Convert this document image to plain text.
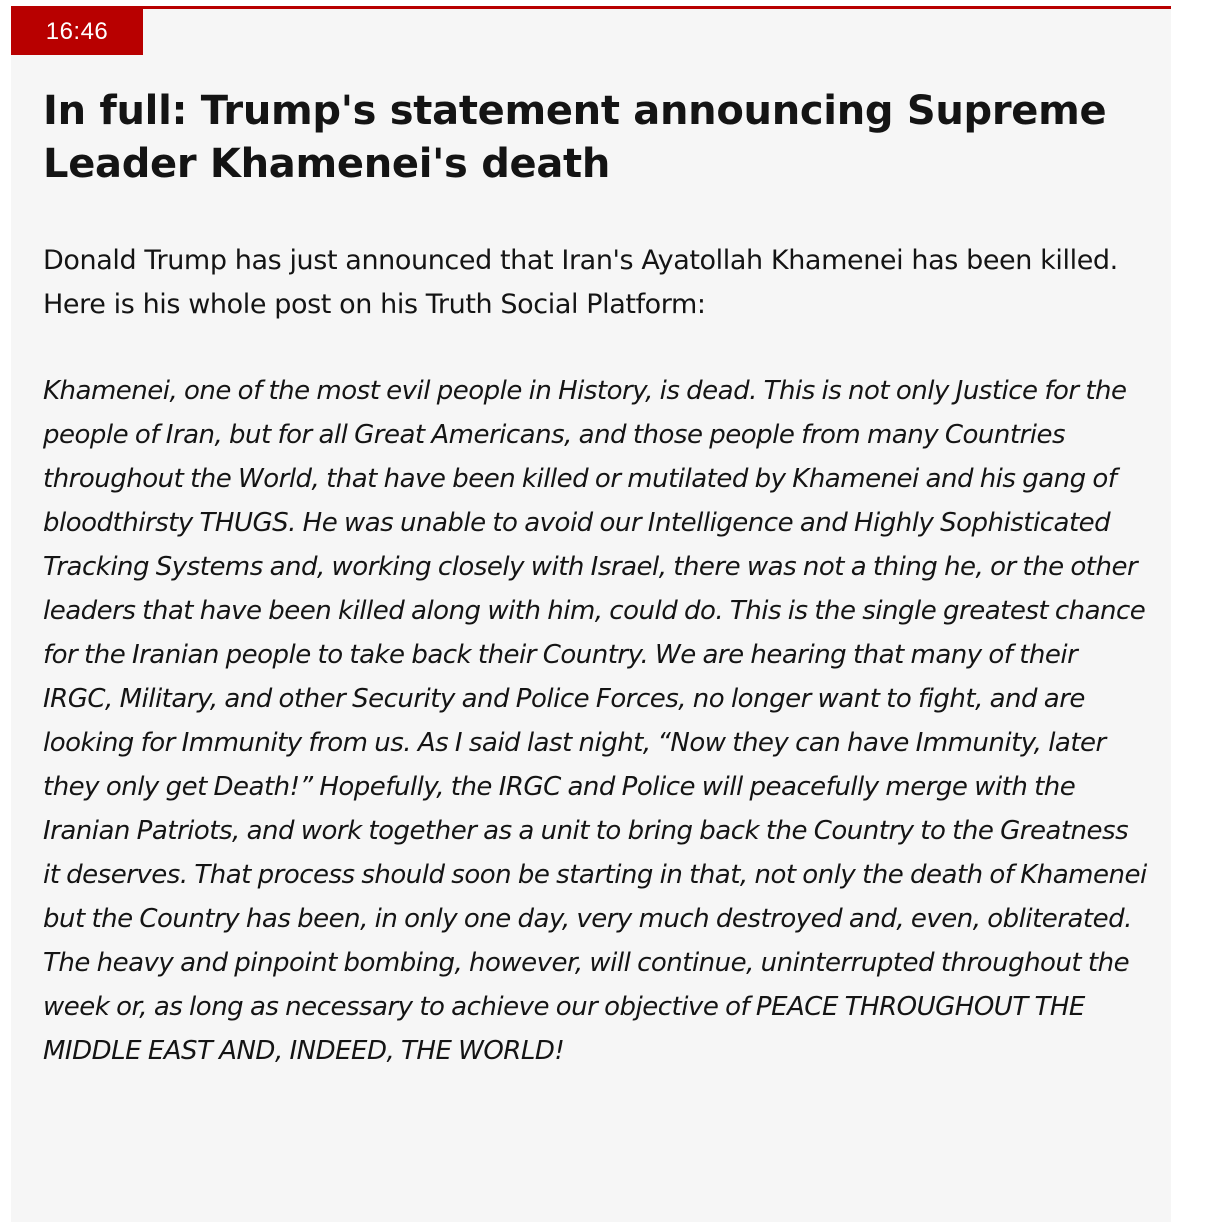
16:46
In full: Trump's statement announcing Supreme Leader Khamenei's death

Donald Trump has just announced that Iran's Ayatollah Khamenei has been killed. Here is his whole post on his Truth Social Platform:

Khamenei, one of the most evil people in History, is dead. This is not only Justice for the people of Iran, but for all Great Americans, and those people from many Countries throughout the World, that have been killed or mutilated by Khamenei and his gang of bloodthirsty THUGS. He was unable to avoid our Intelligence and Highly Sophisticated Tracking Systems and, working closely with Israel, there was not a thing he, or the other leaders that have been killed along with him, could do. This is the single greatest chance for the Iranian people to take back their Country. We are hearing that many of their IRGC, Military, and other Security and Police Forces, no longer want to fight, and are looking for Immunity from us. As I said last night, “Now they can have Immunity, later they only get Death!” Hopefully, the IRGC and Police will peacefully merge with the Iranian Patriots, and work together as a unit to bring back the Country to the Greatness it deserves. That process should soon be starting in that, not only the death of Khamenei but the Country has been, in only one day, very much destroyed and, even, obliterated. The heavy and pinpoint bombing, however, will continue, uninterrupted throughout the week or, as long as necessary to achieve our objective of PEACE THROUGHOUT THE MIDDLE EAST AND, INDEED, THE WORLD!
